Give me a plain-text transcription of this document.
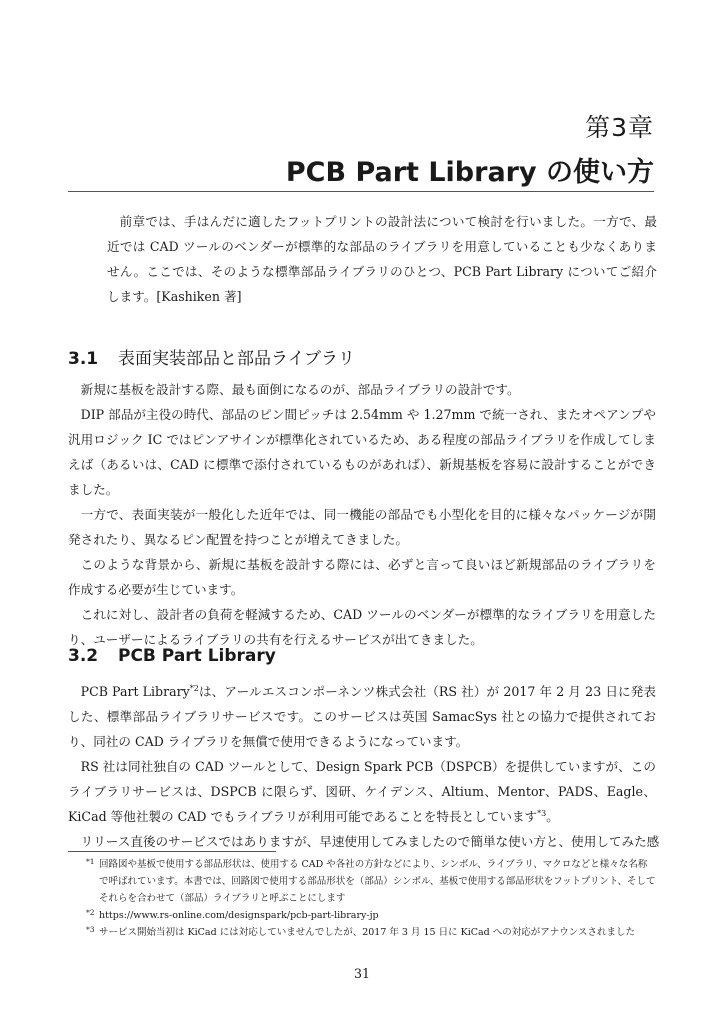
第3章
PCB Part Library の使い方
前章では、手はんだに適したフットプリントの設計法について検討を行いました。一方で、最近では CAD ツールのベンダーが標準的な部品のライブラリを用意していることも少なくありません。ここでは、そのような標準部品ライブラリのひとつ、PCB Part Library についてご紹介します。[Kashiken 著]
3.1 表面実装部品と部品ライブラリ

新規に基板を設計する際、最も面倒になるのが、部品ライブラリの設計です。

DIP 部品が主役の時代、部品のピン間ピッチは 2.54mm や 1.27mm で統一され、またオペアンプや汎用ロジック IC ではピンアサインが標準化されているため、ある程度の部品ライブラリを作成してしまえば（あるいは、CAD に標準で添付されているものがあれば）、新規基板を容易に設計することができました。

一方で、表面実装が一般化した近年では、同一機能の部品でも小型化を目的に様々なパッケージが開発されたり、異なるピン配置を持つことが増えてきました。

このような背景から、新規に基板を設計する際には、必ずと言って良いほど新規部品のライブラリを作成する必要が生じています。

これに対し、設計者の負荷を軽減するため、CAD ツールのベンダーが標準的なライブラリを用意したり、ユーザーによるライブラリの共有を行えるサービスが出てきました。

3.2 PCB Part Library

PCB Part Library$^{*2}$は、アールエスコンポーネンツ株式会社（RS 社）が 2017 年 2 月 23 日に発表した、標準部品ライブラリサービスです。このサービスは英国 SamacSys 社との協力で提供されており、同社の CAD ライブラリを無償で使用できるようになっています。

RS 社は同社独自の CAD ツールとして、Design Spark PCB（DSPCB）を提供していますが、このライブラリサービスは、DSPCB に限らず、図研、ケイデンス、Altium、Mentor、PADS、Eagle、KiCad 等他社製の CAD でもライブラリが利用可能であることを特長としています$^{*3}$。

リリース直後のサービスではありますが、早速使用してみましたので簡単な使い方と、使用してみた感

*1 回路図や基板で使用する部品形状は、使用する CAD や各社の方針などにより、シンボル、ライブラリ、マクロなどと様々な名称で呼ばれています。本書では、回路図で使用する部品形状を（部品）シンボル、基板で使用する部品形状をフットプリント、そしてそれらを合わせて（部品）ライブラリと呼ぶことにします
*2 https://www.rs-online.com/designspark/pcb-part-library-jp
*3 サービス開始当初は KiCad には対応していませんでしたが、2017 年 3 月 15 日に KiCad への対応がアナウンスされました
31
